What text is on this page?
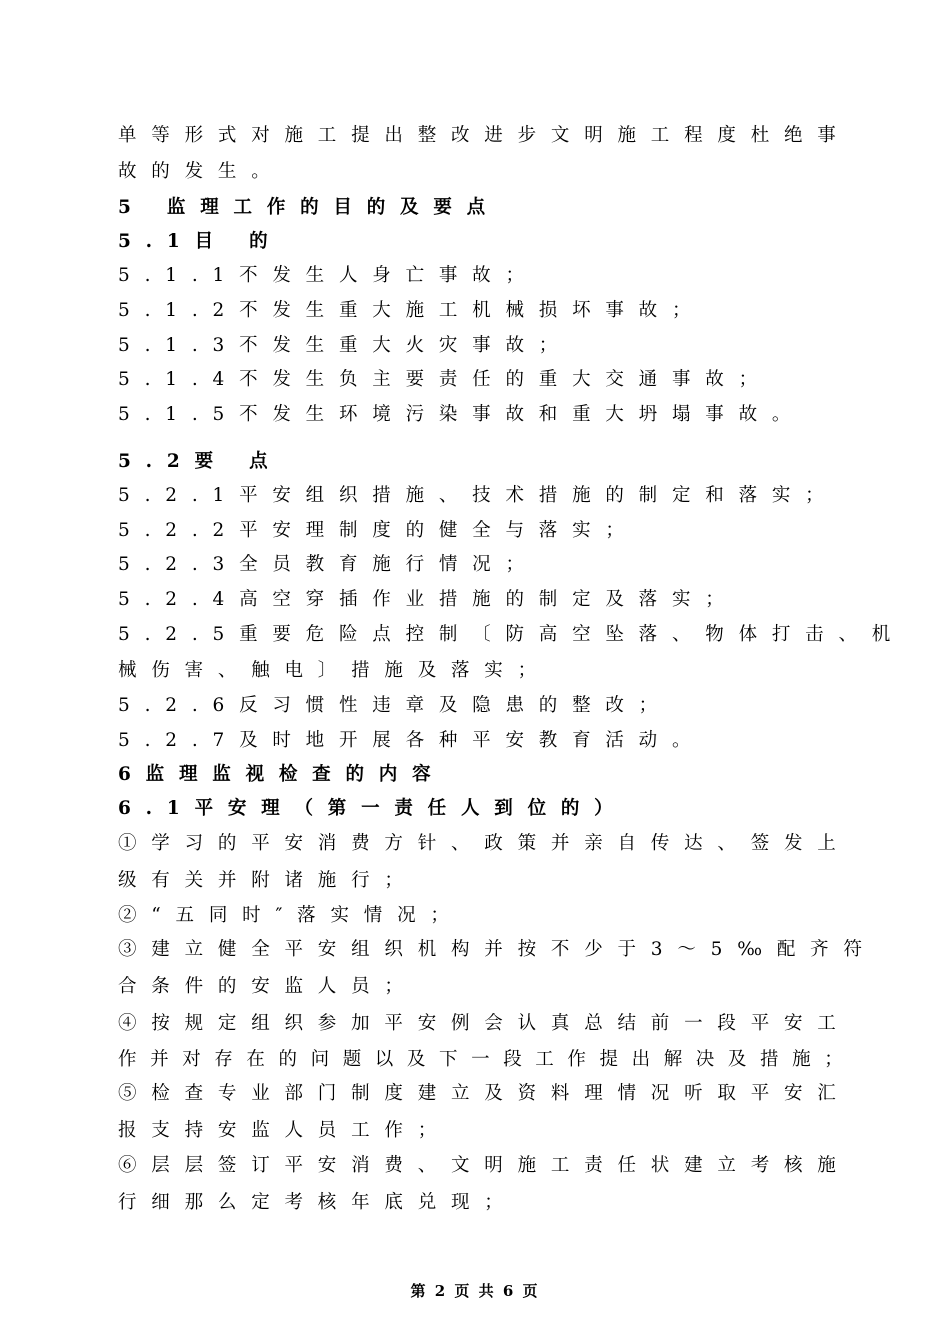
单等形式对施工提出整改进步文明施工程度杜绝事
故的发生。
5 监理工作的目的及要点
5.1目 的
5.1.1不发生人身亡事故；
5.1.2不发生重大施工机械损坏事故；
5.1.3不发生重大火灾事故；
5.1.4不发生负主要责任的重大交通事故；
5.1.5不发生环境污染事故和重大坍塌事故。
5.2要 点
5.2.1平安组织措施、技术措施的制定和落实；
5.2.2平安理制度的健全与落实；
5.2.3全员教育施行情况；
5.2.4高空穿插作业措施的制定及落实；
5.2.5重要危险点控制〔防高空坠落、物体打击、机
械伤害、触电〕措施及落实；
5.2.6反习惯性违章及隐患的整改；
5.2.7及时地开展各种平安教育活动。
6监理监视检查的内容
6.1平安理（第一责任人到位的）
①学习的平安消费方针、政策并亲自传达、签发上
级有关并附诸施行；
②“五同时″落实情况；
③建立健全平安组织机构并按不少于3～5‰配齐符
合条件的安监人员；
④按规定组织参加平安例会认真总结前一段平安工
作并对存在的问题以及下一段工作提出解决及措施；
⑤检查专业部门制度建立及资料理情况听取平安汇
报支持安监人员工作；
⑥层层签订平安消费、文明施工责任状建立考核施
行细那么定考核年底兑现；
第 2 页 共 6 页
